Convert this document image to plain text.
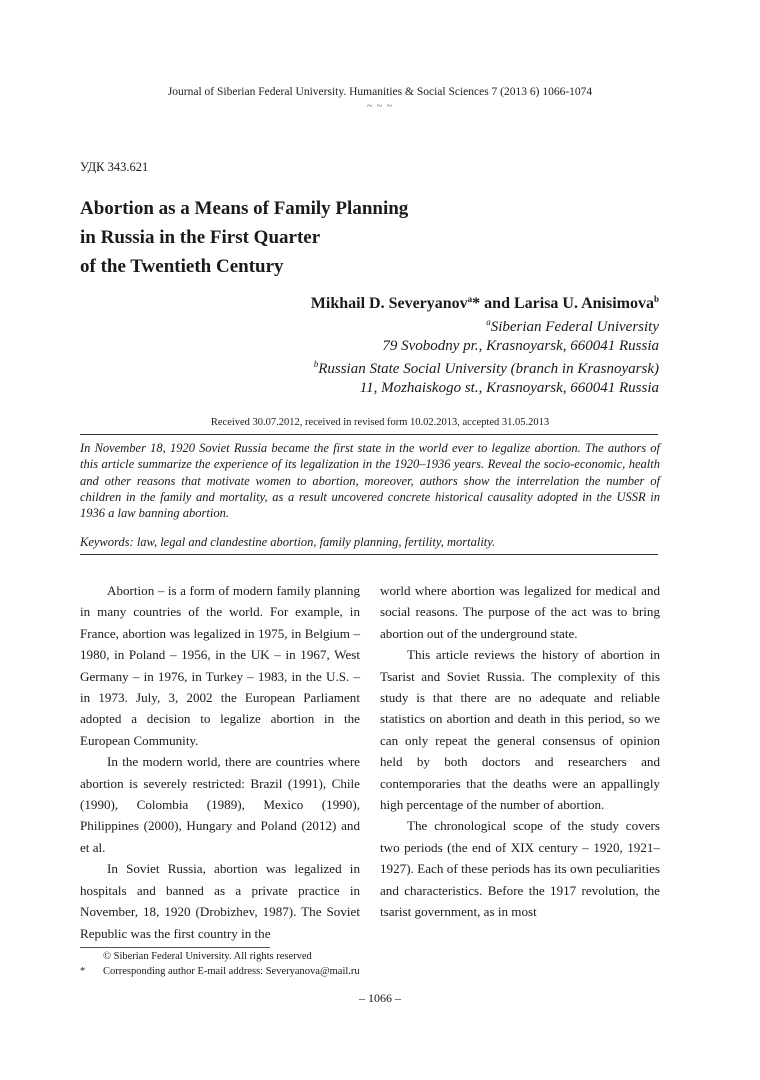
Journal of Siberian Federal University. Humanities & Social Sciences 7 (2013 6) 1066-1074
~ ~ ~
УДК 343.621
Abortion as a Means of Family Planning
in Russia in the First Quarter
of the Twentieth Century
Mikhail D. Severyanov$^a$* and Larisa U. Anisimova$^b$
$^a$Siberian Federal University
79 Svobodny pr., Krasnoyarsk, 660041 Russia
$^b$Russian State Social University (branch in Krasnoyarsk)
11, Mozhaiskogo st., Krasnoyarsk, 660041 Russia
Received 30.07.2012, received in revised form 10.02.2013, accepted 31.05.2013

In November 18, 1920 Soviet Russia became the first state in the world ever to legalize abortion. The authors of this article summarize the experience of its legalization in the 1920–1936 years. Reveal the socio-economic, health and other reasons that motivate women to abortion, moreover, authors show the interrelation the number of children in the family and mortality, as a result uncovered concrete historical causality adopted in the USSR in 1936 a law banning abortion.

Keywords: law, legal and clandestine abortion, family planning, fertility, mortality.

Abortion – is a form of modern family planning in many countries of the world. For example, in France, abortion was legalized in 1975, in Belgium – 1980, in Poland – 1956, in the UK – in 1967, West Germany – in 1976, in Turkey – 1983, in the U.S. – in 1973. July, 3, 2002 the European Parliament adopted a decision to legalize abortion in the European Community.

In the modern world, there are countries where abortion is severely restricted: Brazil (1991), Chile (1990), Colombia (1989), Mexico (1990), Philippines (2000), Hungary and Poland (2012) and et al.

In Soviet Russia, abortion was legalized in hospitals and banned as a private practice in November, 18, 1920 (Drobizhev, 1987). The Soviet Republic was the first country in the

world where abortion was legalized for medical and social reasons. The purpose of the act was to bring abortion out of the underground state.

This article reviews the history of abortion in Tsarist and Soviet Russia. The complexity of this study is that there are no adequate and reliable statistics on abortion and death in this period, so we can only repeat the general consensus of opinion held by both doctors and researchers and contemporaries that the deaths were an appallingly high percentage of the number of abortion.

The chronological scope of the study covers two periods (the end of XIX century – 1920, 1921–1927). Each of these periods has its own peculiarities and characteristics. Before the 1917 revolution, the tsarist government, as in most

© Siberian Federal University. All rights reserved
* Corresponding author E-mail address: Severyanova@mail.ru
– 1066 –
